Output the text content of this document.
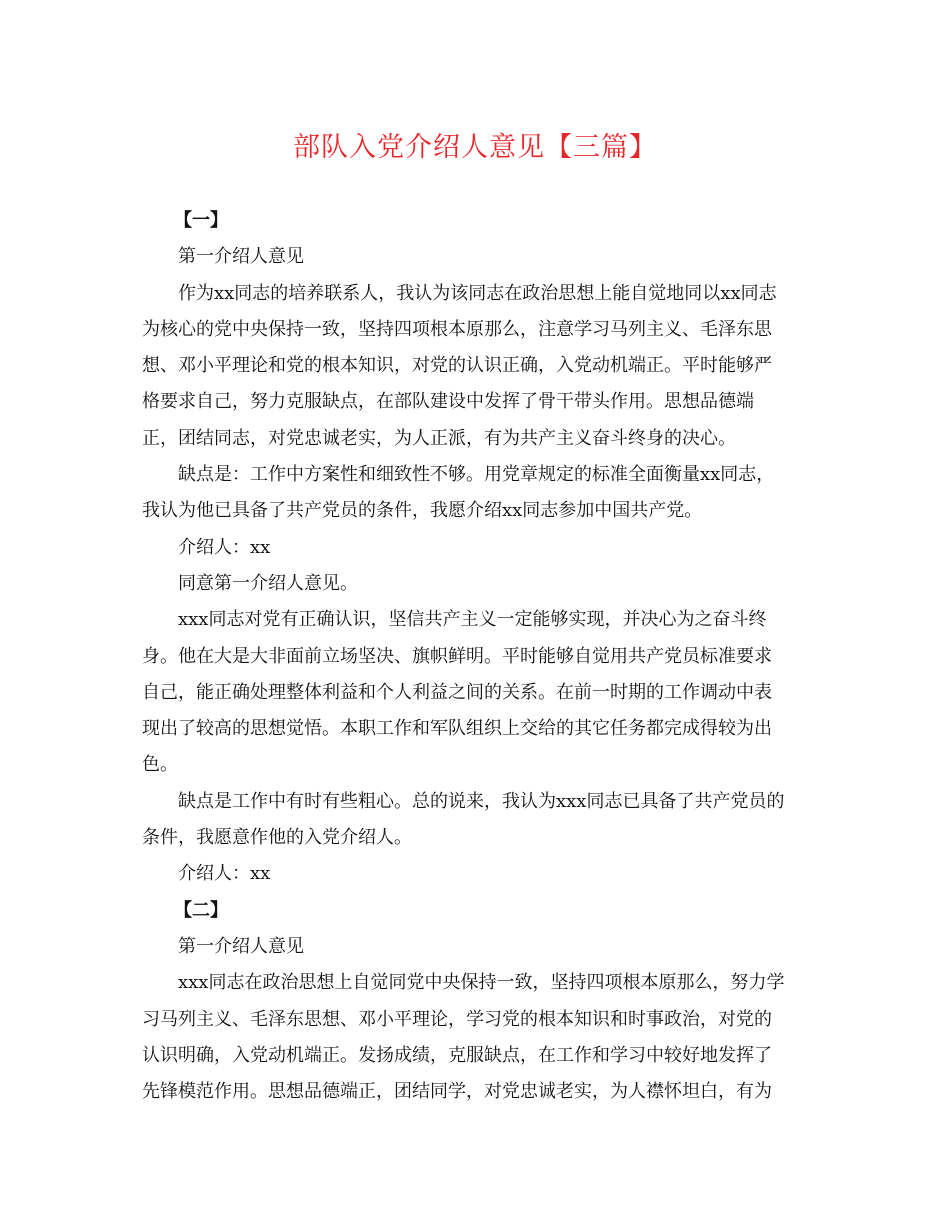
部队入党介绍人意见【三篇】

【一】

第一介绍人意见

作为xx同志的培养联系人，我认为该同志在政治思想上能自觉地同以xx同志

为核心的党中央保持一致，坚持四项根本原那么，注意学习马列主义、毛泽东思

想、邓小平理论和党的根本知识，对党的认识正确，入党动机端正。平时能够严

格要求自己，努力克服缺点，在部队建设中发挥了骨干带头作用。思想品德端

正，团结同志，对党忠诚老实，为人正派，有为共产主义奋斗终身的决心。

缺点是：工作中方案性和细致性不够。用党章规定的标准全面衡量xx同志，

我认为他已具备了共产党员的条件，我愿介绍xx同志参加中国共产党。

介绍人：xx

同意第一介绍人意见。

xxx同志对党有正确认识，坚信共产主义一定能够实现，并决心为之奋斗终

身。他在大是大非面前立场坚决、旗帜鲜明。平时能够自觉用共产党员标准要求

自己，能正确处理整体利益和个人利益之间的关系。在前一时期的工作调动中表

现出了较高的思想觉悟。本职工作和军队组织上交给的其它任务都完成得较为出

色。

缺点是工作中有时有些粗心。总的说来，我认为xxx同志已具备了共产党员的

条件，我愿意作他的入党介绍人。

介绍人：xx

【二】

第一介绍人意见

xxx同志在政治思想上自觉同党中央保持一致，坚持四项根本原那么，努力学

习马列主义、毛泽东思想、邓小平理论，学习党的根本知识和时事政治，对党的

认识明确，入党动机端正。发扬成绩，克服缺点，在工作和学习中较好地发挥了

先锋模范作用。思想品德端正，团结同学，对党忠诚老实，为人襟怀坦白，有为
